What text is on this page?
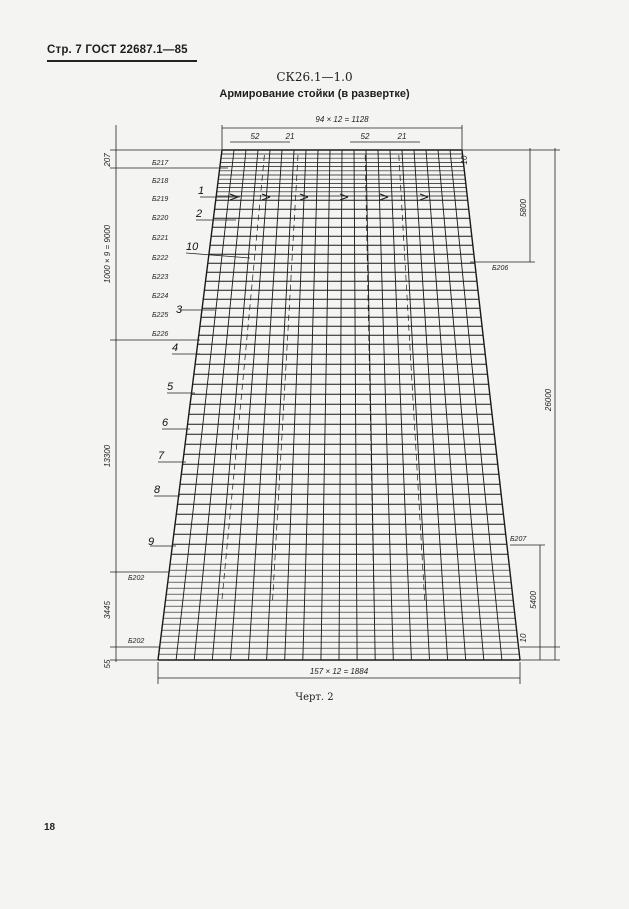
Стр. 7 ГОСТ 22687.1—85
СК26.1—1.0
Армирование стойки (в развертке)
94 × 12 = 1128
52	21	52	21
207
1000 × 9 = 9000
13300
3445
55
10
5800
26000
5400
10
157 × 12 = 1884
Б217
Б218
Б219
Б220
Б221
Б222
Б223
Б224
Б225
Б226
Б206
Б207
Б202
Б202
1
2
3
4
5
6
7
8
9
10
Черт. 2
18
